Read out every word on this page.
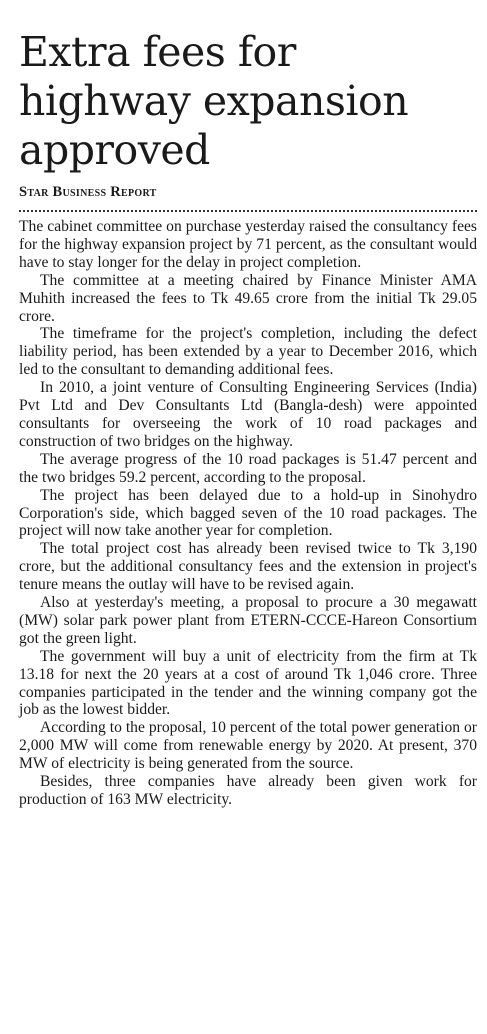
Extra fees for highway expansion approved
Star Business Report

The cabinet committee on purchase yesterday raised the consultancy fees for the highway expansion project by 71 percent, as the consultant would have to stay longer for the delay in project completion.

The committee at a meeting chaired by Finance Minister AMA Muhith increased the fees to Tk 49.65 crore from the initial Tk 29.05 crore.

The timeframe for the project's completion, including the defect liability period, has been extended by a year to December 2016, which led to the consultant to demanding additional fees.

In 2010, a joint venture of Consulting Engineering Services (India) Pvt Ltd and Dev Consultants Ltd (Bangla-desh) were appointed consultants for overseeing the work of 10 road packages and construction of two bridges on the highway.

The average progress of the 10 road packages is 51.47 percent and the two bridges 59.2 percent, according to the proposal.

The project has been delayed due to a hold-up in Sinohydro Corporation's side, which bagged seven of the 10 road packages. The project will now take another year for completion.

The total project cost has already been revised twice to Tk 3,190 crore, but the additional consultancy fees and the extension in project's tenure means the outlay will have to be revised again.

Also at yesterday's meeting, a proposal to procure a 30 megawatt (MW) solar park power plant from ETERN-CCCE-Hareon Consortium got the green light.

The government will buy a unit of electricity from the firm at Tk 13.18 for next the 20 years at a cost of around Tk 1,046 crore. Three companies participated in the tender and the winning company got the job as the lowest bidder.

According to the proposal, 10 percent of the total power generation or 2,000 MW will come from renewable energy by 2020. At present, 370 MW of electricity is being generated from the source.

Besides, three companies have already been given work for production of 163 MW electricity.
